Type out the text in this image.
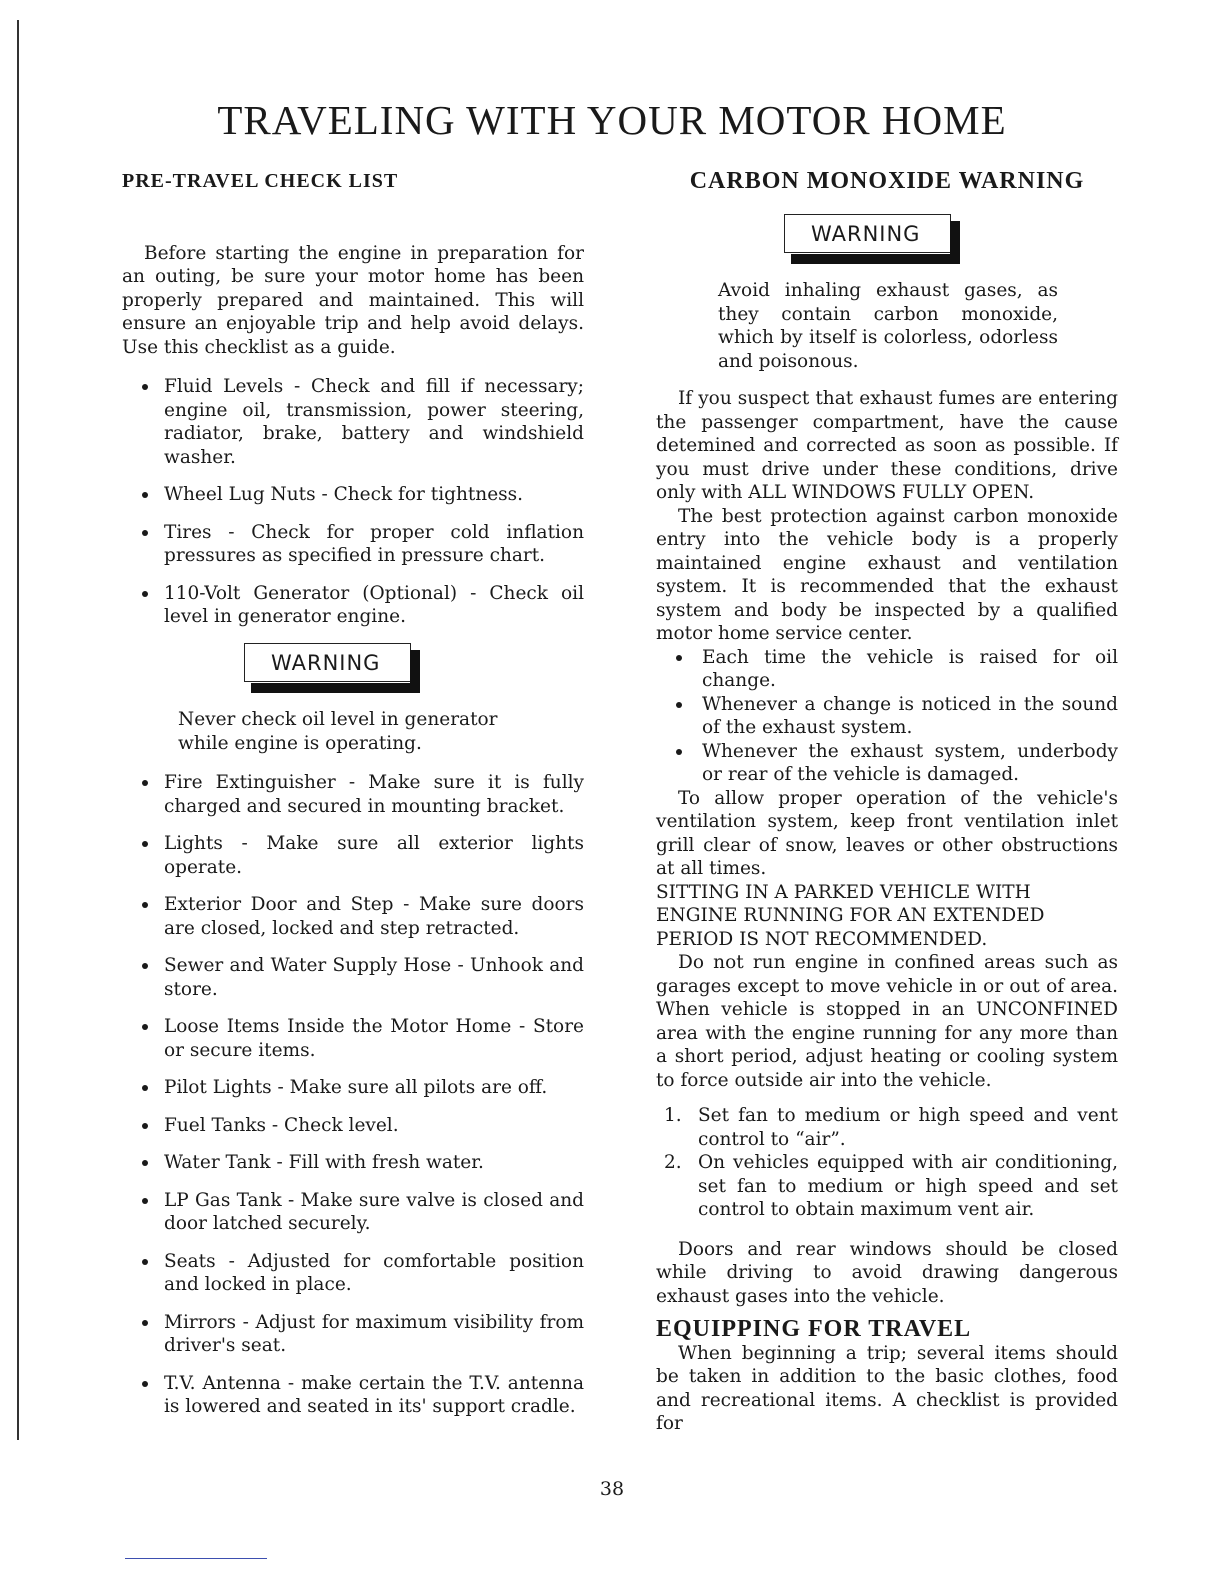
TRAVELING WITH YOUR MOTOR HOME
PRE-TRAVEL CHECK LIST

Before starting the engine in preparation for an outing, be sure your motor home has been properly prepared and maintained. This will ensure an enjoyable trip and help avoid delays. Use this checklist as a guide.

Fluid Levels - Check and fill if necessary; engine oil, transmission, power steering, radiator, brake, battery and windshield washer.
Wheel Lug Nuts - Check for tightness.
Tires - Check for proper cold inflation pressures as specified in pressure chart.
110-Volt Generator (Optional) - Check oil level in generator engine.
WARNING

Never check oil level in generator while engine is operating.

Fire Extinguisher - Make sure it is fully charged and secured in mounting bracket.
Lights - Make sure all exterior lights operate.
Exterior Door and Step - Make sure doors are closed, locked and step retracted.
Sewer and Water Supply Hose - Unhook and store.
Loose Items Inside the Motor Home - Store or secure items.
Pilot Lights - Make sure all pilots are off.
Fuel Tanks - Check level.
Water Tank - Fill with fresh water.
LP Gas Tank - Make sure valve is closed and door latched securely.
Seats - Adjusted for comfortable position and locked in place.
Mirrors - Adjust for maximum visibility from driver's seat.
T.V. Antenna - make certain the T.V. antenna is lowered and seated in its' support cradle.
CARBON MONOXIDE WARNING
WARNING

Avoid inhaling exhaust gases, as they contain carbon monoxide, which by itself is colorless, odorless and poisonous.

If you suspect that exhaust fumes are entering the passenger compartment, have the cause detemined and corrected as soon as possible. If you must drive under these conditions, drive only with ALL WINDOWS FULLY OPEN.

The best protection against carbon monoxide entry into the vehicle body is a properly maintained engine exhaust and ventilation system. It is recommended that the exhaust system and body be inspected by a qualified motor home service center.

Each time the vehicle is raised for oil change.
Whenever a change is noticed in the sound of the exhaust system.
Whenever the exhaust system, underbody or rear of the vehicle is damaged.

To allow proper operation of the vehicle's ventilation system, keep front ventilation inlet grill clear of snow, leaves or other obstructions at all times.

SITTING IN A PARKED VEHICLE WITH ENGINE RUNNING FOR AN EXTENDED PERIOD IS NOT RECOMMENDED.

Do not run engine in confined areas such as garages except to move vehicle in or out of area. When vehicle is stopped in an UNCONFINED area with the engine running for any more than a short period, adjust heating or cooling system to force outside air into the vehicle.

1. Set fan to medium or high speed and vent control to “air”.
2. On vehicles equipped with air conditioning, set fan to medium or high speed and set control to obtain maximum vent air.

Doors and rear windows should be closed while driving to avoid drawing dangerous exhaust gases into the vehicle.

EQUIPPING FOR TRAVEL

When beginning a trip; several items should be taken in addition to the basic clothes, food and recreational items. A checklist is provided for

38
